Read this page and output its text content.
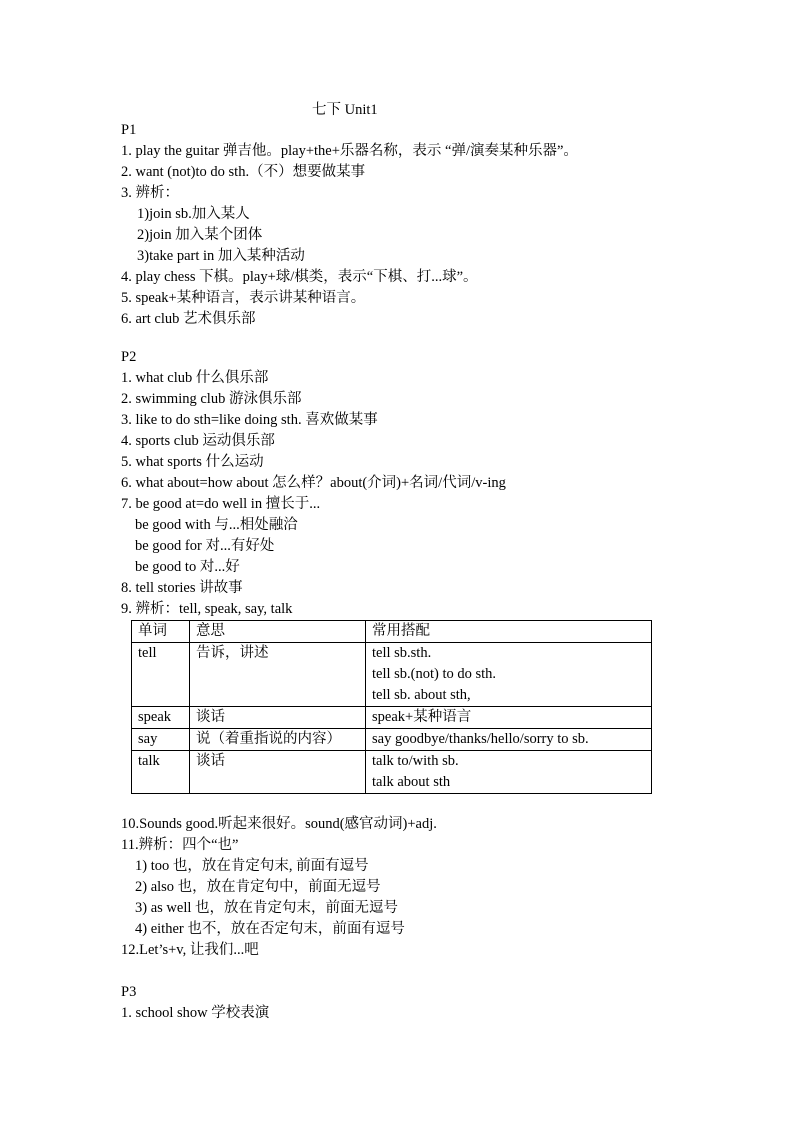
七下 Unit1
P1
1. play the guitar 弹吉他。play+the+乐器名称，表示 “弹/演奏某种乐器”。
2. want (not)to do sth.（不）想要做某事
3. 辨析：
1)join sb.加入某人
2)join 加入某个团体
3)take part in 加入某种活动
4. play chess 下棋。play+球/棋类，表示“下棋、打...球”。
5. speak+某种语言，表示讲某种语言。
6. art club 艺术俱乐部
P2
1. what club 什么俱乐部
2. swimming club 游泳俱乐部
3. like to do sth=like doing sth. 喜欢做某事
4. sports club 运动俱乐部
5. what sports 什么运动
6. what about=how about 怎么样？about(介词)+名词/代词/v-ing
7. be good at=do well in 擅长于...
be good with 与...相处融洽
be good for 对...有好处
be good to 对...好
8. tell stories 讲故事
9. 辨析：tell, speak, say, talk
单词	意思	常用搭配
tell	告诉，讲述	tell sb.sth.
tell sb.(not) to do sth.
tell sb. about sth,

speak	谈话	speak+某种语言

say	说（着重指说的内容）	say goodbye/thanks/hello/sorry to sb.

talk	谈话	talk to/with sb.
talk about sth
10.Sounds good.听起来很好。sound(感官动词)+adj.
11.辨析：四个“也”
1) too 也，放在肯定句末, 前面有逗号
2) also 也，放在肯定句中，前面无逗号
3) as well 也，放在肯定句末，前面无逗号
4) either 也不，放在否定句末，前面有逗号
12.Let’s+v, 让我们...吧
P3
1. school show 学校表演
